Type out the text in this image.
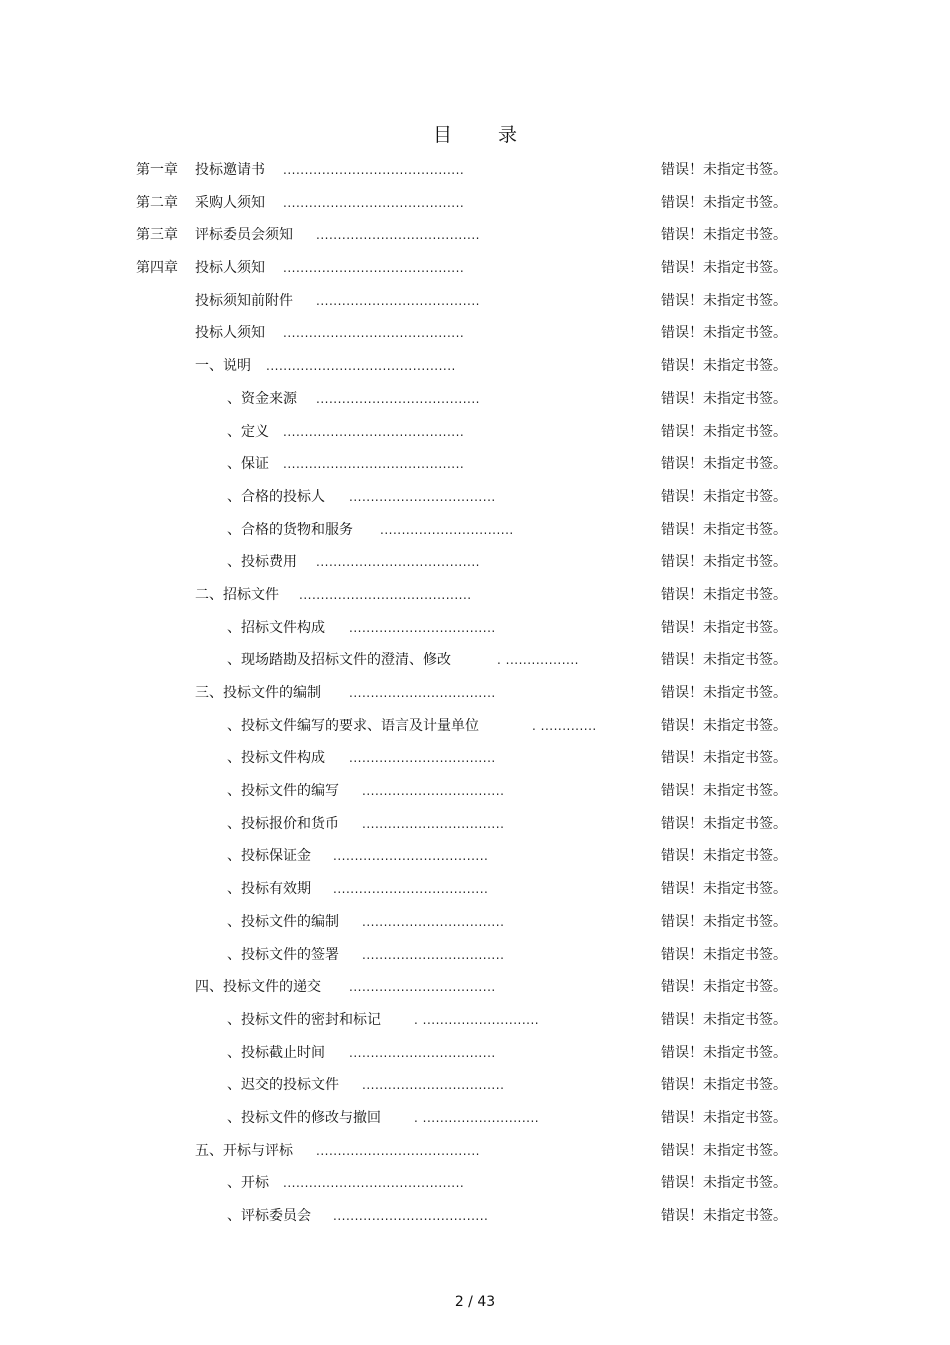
目 录
第一章 投标邀请书 ..........................................	错误！未指定书签。
第二章 采购人须知 ..........................................	错误！未指定书签。
第三章 评标委员会须知 ......................................	错误！未指定书签。
第四章 投标人须知 ..........................................	错误！未指定书签。
投标须知前附件 ......................................	错误！未指定书签。
投标人须知 ..........................................	错误！未指定书签。
一、说明 ............................................	错误！未指定书签。
、资金来源 ......................................	错误！未指定书签。
、定义 ..........................................	错误！未指定书签。
、保证 ..........................................	错误！未指定书签。
、合格的投标人 ..................................	错误！未指定书签。
、合格的货物和服务 ...............................	错误！未指定书签。
、投标费用 ......................................	错误！未指定书签。
二、招标文件 ........................................	错误！未指定书签。
、招标文件构成 ..................................	错误！未指定书签。
、现场踏勘及招标文件的澄清、修改	. .................	错误！未指定书签。
三、投标文件的编制 ..................................	错误！未指定书签。
、投标文件编写的要求、语言及计量单位	. .............	错误！未指定书签。
、投标文件构成 ..................................	错误！未指定书签。
、投标文件的编写 .................................	错误！未指定书签。
、投标报价和货币 .................................	错误！未指定书签。
、投标保证金 ....................................	错误！未指定书签。
、投标有效期 ....................................	错误！未指定书签。
、投标文件的编制 .................................	错误！未指定书签。
、投标文件的签署 .................................	错误！未指定书签。
四、投标文件的递交 ..................................	错误！未指定书签。
、投标文件的密封和标记	. ...........................	错误！未指定书签。
、投标截止时间 ..................................	错误！未指定书签。
、迟交的投标文件 .................................	错误！未指定书签。
、投标文件的修改与撤回	. ...........................	错误！未指定书签。
五、开标与评标 ......................................	错误！未指定书签。
、开标 ..........................................	错误！未指定书签。
、评标委员会 ....................................	错误！未指定书签。
2 / 43
